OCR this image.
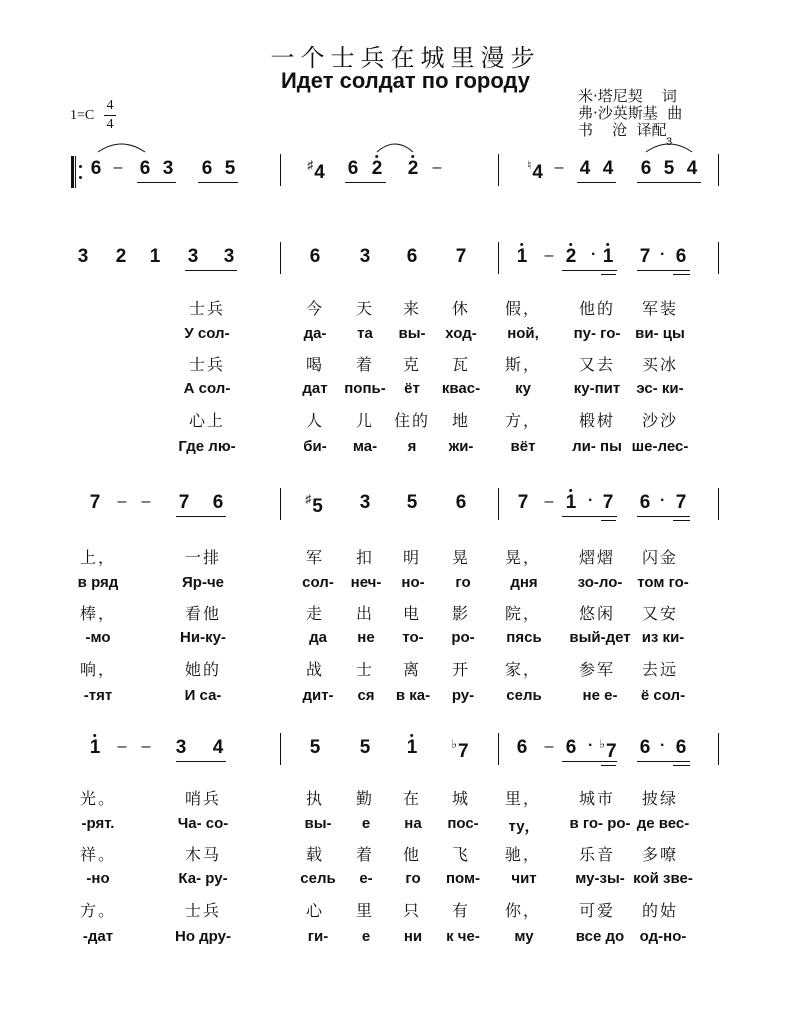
一个士兵在城里漫步
Идет солдат по городу
米·塔尼契    词
弗·沙英斯基  曲
书    沧  译配
1=C
4
4
6 – 6 3 6 5	♯4 6 2 2 –	♮4 – 4 4 6 5 4
3 2 1 3 3	6 3 6 7	1 – 2 · 1 7 · 6
7 – – 7 6	♯5 3 5 6	7 – 1 · 7 6 · 7
1 – – 3 4	5 5 1	♭7	6 – 6 · ♭7 6 · 6
3
士兵	今 天 来 休 假， 他的 军装
У сол-	да- та вы- ход- ной, пу- го- ви- цы
士兵	喝 着 克 瓦 斯， 又去 买冰
А сол-	дат попь- ёт квас- ку	ку-пит эс- ки-
心上	人 儿 住的 地 方， 椴树 沙沙
Где лю-	би- ма- я жи- вёт ли- пы ше-лес-
上，	一排	军 扣 明 晃 晃， 熠熠 闪金
в ряд	Яр-че	сол- неч- но- го	дня	зо-ло- том го-
棒，	看他	走 出 电 影 院， 悠闲 又安
-мо	Ни-ку-	да не то- ро- пясь вый-дет из ки-
响，	她的	战 士 离 开 家， 参军 去远
-тят	И са-	дит- ся в ка- ру- сель	не е- ё сол-
光。	哨兵	执 勤 在 城 里， 城市 披绿
-рят.	Ча- со-	вы- е на пос- ту， в го- ро- де вес-
祥。	木马	载 着 他 飞 驰， 乐音 多嘹
-но	Ка- ру-	сель е- го пом- чит	му-зы- кой зве-
方。	士兵	心 里 只 有 你， 可爱 的姑
-дат	Но дру-	ги- е ни к че- му	все до од-но-
